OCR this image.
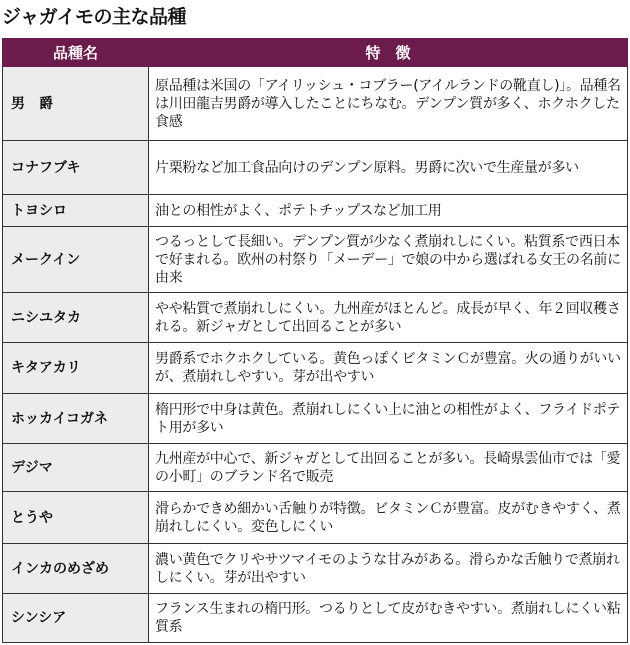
ジャガイモの主な品種
品種名	特　徴
男　爵	原品種は米国の「アイリッシュ・コブラー(アイルランドの靴直し)」。品種名は川田龍吉男爵が導入したことにちなむ。デンプン質が多く、ホクホクした食感
コナフブキ	片栗粉など加工食品向けのデンプン原料。男爵に次いで生産量が多い
トヨシロ	油との相性がよく、ポテトチップスなど加工用
メークイン	つるっとして長細い。デンプン質が少なく煮崩れしにくい。粘質系で西日本で好まれる。欧州の村祭り「メーデー」で娘の中から選ばれる女王の名前に由来
ニシユタカ	やや粘質で煮崩れしにくい。九州産がほとんど。成長が早く、年２回収穫される。新ジャガとして出回ることが多い
キタアカリ	男爵系でホクホクしている。黄色っぽくビタミンＣが豊富。火の通りがいいが、煮崩れしやすい。芽が出やすい
ホッカイコガネ	楕円形で中身は黄色。煮崩れしにくい上に油との相性がよく、フライドポテト用が多い
デジマ	九州産が中心で、新ジャガとして出回ることが多い。長崎県雲仙市では「愛の小町」のブランド名で販売
とうや	滑らかできめ細かい舌触りが特徴。ビタミンＣが豊富。皮がむきやすく、煮崩れしにくい。変色しにくい
インカのめざめ	濃い黄色でクリやサツマイモのような甘みがある。滑らかな舌触りで煮崩れしにくい。芽が出やすい
シンシア	フランス生まれの楕円形。つるりとして皮がむきやすい。煮崩れしにくい粘質系
